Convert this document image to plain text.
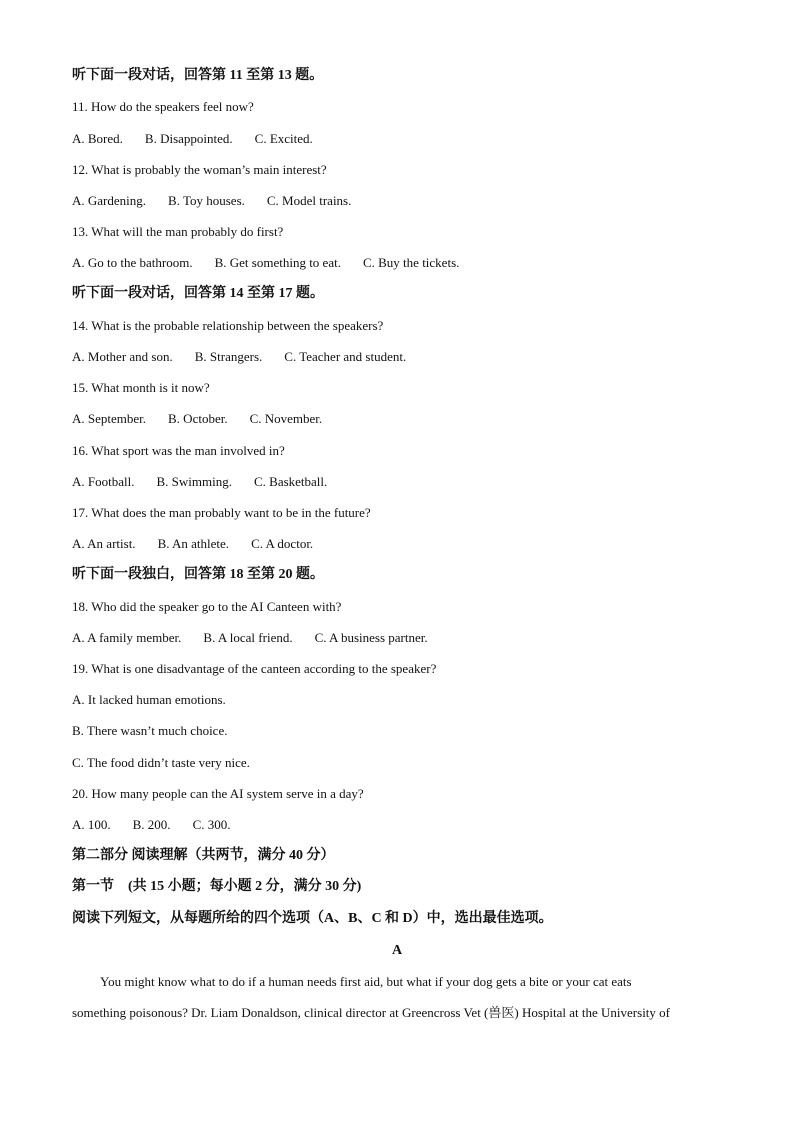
听下面一段对话，回答第 11 至第 13 题。
11. How do the speakers feel now?
A. Bored. B. Disappointed. C. Excited.
12. What is probably the woman’s main interest?
A. Gardening. B. Toy houses. C. Model trains.
13. What will the man probably do first?
A. Go to the bathroom. B. Get something to eat. C. Buy the tickets.
听下面一段对话，回答第 14 至第 17 题。
14. What is the probable relationship between the speakers?
A. Mother and son. B. Strangers. C. Teacher and student.
15. What month is it now?
A. September. B. October. C. November.
16. What sport was the man involved in?
A. Football. B. Swimming. C. Basketball.
17. What does the man probably want to be in the future?
A. An artist. B. An athlete. C. A doctor.
听下面一段独白，回答第 18 至第 20 题。
18. Who did the speaker go to the AI Canteen with?
A. A family member. B. A local friend. C. A business partner.
19. What is one disadvantage of the canteen according to the speaker?
A. It lacked human emotions.
B. There wasn’t much choice.
C. The food didn’t taste very nice.
20. How many people can the AI system serve in a day?
A. 100. B. 200. C. 300.
第二部分 阅读理解（共两节，满分 40 分）
第一节　(共 15 小题；每小题 2 分，满分 30 分)
阅读下列短文，从每题所给的四个选项（A、B、C 和 D）中，选出最佳选项。
A
You might know what to do if a human needs first aid, but what if your dog gets a bite or your cat eats
something poisonous? Dr. Liam Donaldson, clinical director at Greencross Vet (兽医) Hospital at the University of
